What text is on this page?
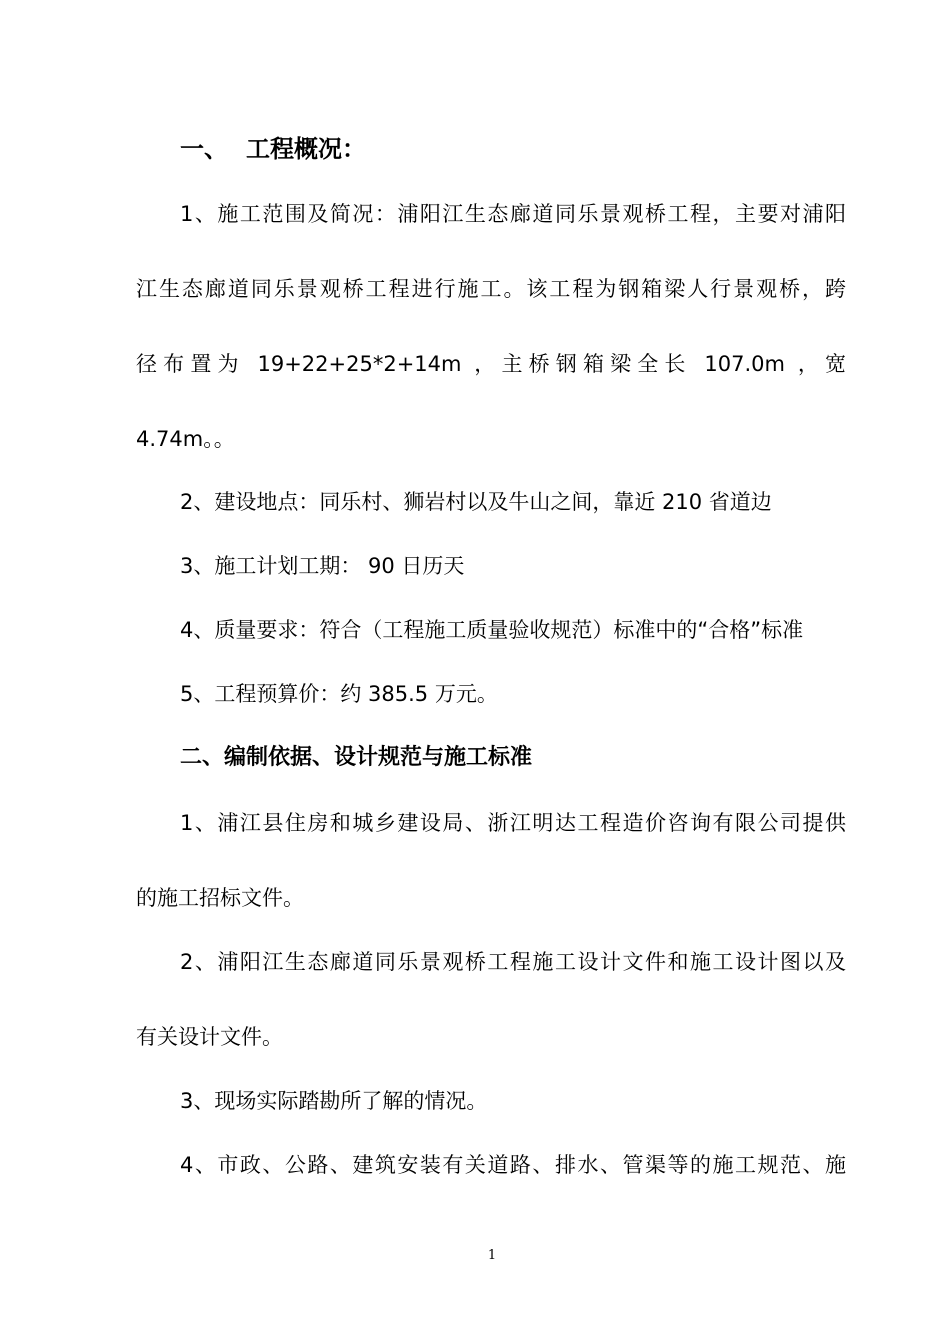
一、 工程概况：
1、施工范围及简况：浦阳江生态廊道同乐景观桥工程，主要对浦阳
江生态廊道同乐景观桥工程进行施工。该工程为钢箱梁人行景观桥，跨
径布置为 19+22+25*2+14m ，主桥钢箱梁全长 107.0m ，宽
4.74m。。
2、建设地点：同乐村、狮岩村以及牛山之间，靠近 210 省道边
3、施工计划工期： 90 日历天
4、质量要求：符合（工程施工质量验收规范）标准中的“合格”标准
5、工程预算价：约 385.5 万元。
二、编制依据、设计规范与施工标准
1、浦江县住房和城乡建设局、浙江明达工程造价咨询有限公司提供
的施工招标文件。
2、浦阳江生态廊道同乐景观桥工程施工设计文件和施工设计图以及
有关设计文件。
3、现场实际踏勘所了解的情况。
4、市政、公路、建筑安装有关道路、排水、管渠等的施工规范、施
1
